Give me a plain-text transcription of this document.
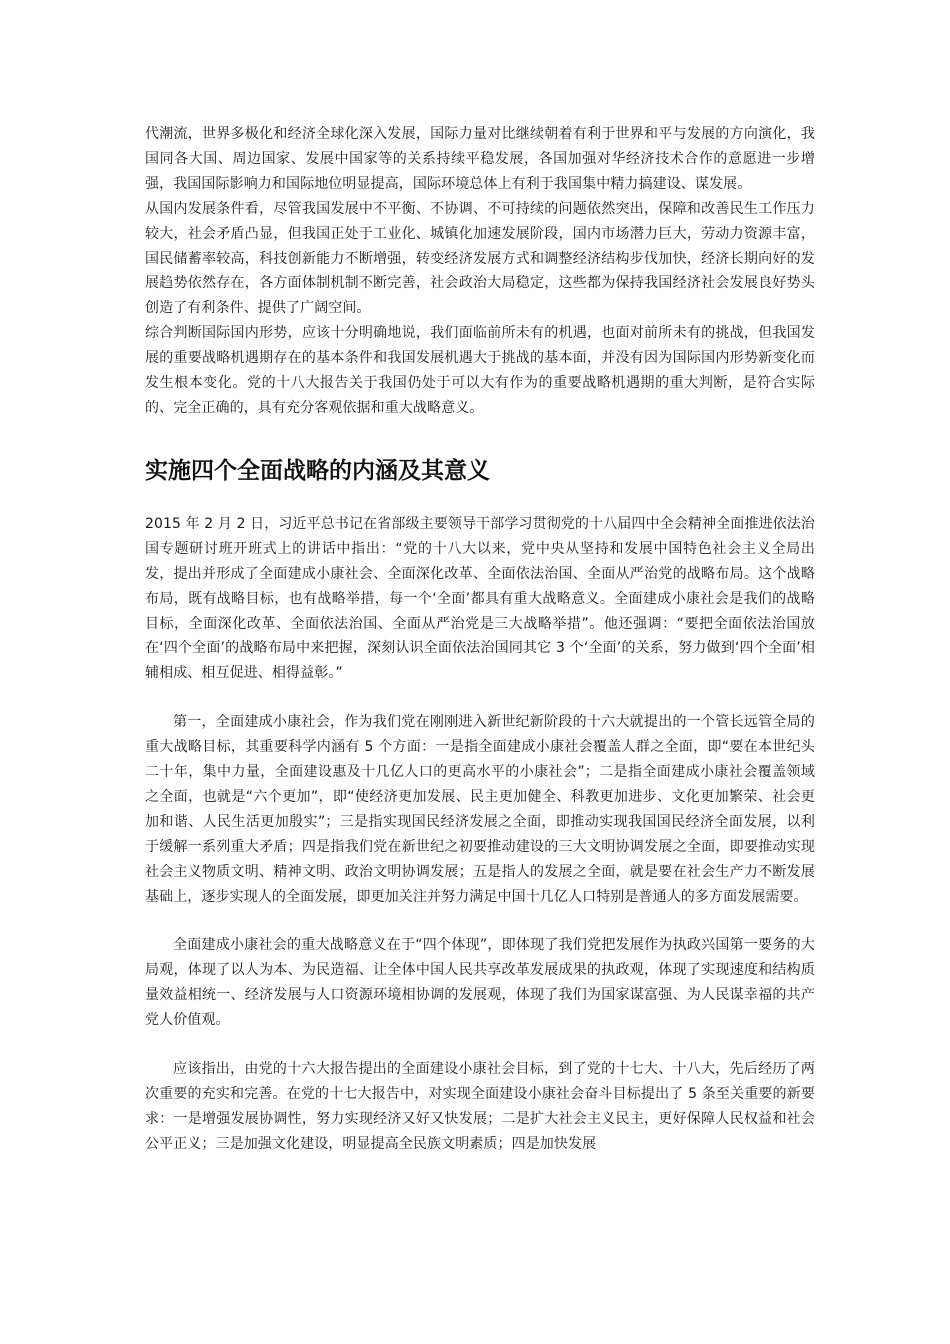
代潮流，世界多极化和经济全球化深入发展，国际力量对比继续朝着有利于世界和平与发展的方向演化，我国同各大国、周边国家、发展中国家等的关系持续平稳发展，各国加强对华经济技术合作的意愿进一步增强，我国国际影响力和国际地位明显提高，国际环境总体上有利于我国集中精力搞建设、谋发展。

从国内发展条件看，尽管我国发展中不平衡、不协调、不可持续的问题依然突出，保障和改善民生工作压力较大，社会矛盾凸显，但我国正处于工业化、城镇化加速发展阶段，国内市场潜力巨大，劳动力资源丰富，国民储蓄率较高，科技创新能力不断增强，转变经济发展方式和调整经济结构步伐加快，经济长期向好的发展趋势依然存在，各方面体制机制不断完善，社会政治大局稳定，这些都为保持我国经济社会发展良好势头创造了有利条件、提供了广阔空间。

综合判断国际国内形势，应该十分明确地说，我们面临前所未有的机遇，也面对前所未有的挑战，但我国发展的重要战略机遇期存在的基本条件和我国发展机遇大于挑战的基本面，并没有因为国际国内形势新变化而发生根本变化。党的十八大报告关于我国仍处于可以大有作为的重要战略机遇期的重大判断，是符合实际的、完全正确的，具有充分客观依据和重大战略意义。

实施四个全面战略的内涵及其意义

2015 年 2 月 2 日，习近平总书记在省部级主要领导干部学习贯彻党的十八届四中全会精神全面推进依法治国专题研讨班开班式上的讲话中指出：“党的十八大以来，党中央从坚持和发展中国特色社会主义全局出发，提出并形成了全面建成小康社会、全面深化改革、全面依法治国、全面从严治党的战略布局。这个战略布局，既有战略目标，也有战略举措，每一个‘全面’都具有重大战略意义。全面建成小康社会是我们的战略目标，全面深化改革、全面依法治国、全面从严治党是三大战略举措”。他还强调：“要把全面依法治国放在‘四个全面’的战略布局中来把握，深刻认识全面依法治国同其它 3 个‘全面’的关系，努力做到‘四个全面’相辅相成、相互促进、相得益彰。”

第一，全面建成小康社会，作为我们党在刚刚进入新世纪新阶段的十六大就提出的一个管长远管全局的重大战略目标，其重要科学内涵有 5 个方面：一是指全面建成小康社会覆盖人群之全面，即“要在本世纪头二十年，集中力量，全面建设惠及十几亿人口的更高水平的小康社会”；二是指全面建成小康社会覆盖领域之全面，也就是“六个更加”，即“使经济更加发展、民主更加健全、科教更加进步、文化更加繁荣、社会更加和谐、人民生活更加殷实”；三是指实现国民经济发展之全面，即推动实现我国国民经济全面发展，以利于缓解一系列重大矛盾；四是指我们党在新世纪之初要推动建设的三大文明协调发展之全面，即要推动实现社会主义物质文明、精神文明、政治文明协调发展；五是指人的发展之全面，就是要在社会生产力不断发展基础上，逐步实现人的全面发展，即更加关注并努力满足中国十几亿人口特别是普通人的多方面发展需要。

全面建成小康社会的重大战略意义在于“四个体现”，即体现了我们党把发展作为执政兴国第一要务的大局观，体现了以人为本、为民造福、让全体中国人民共享改革发展成果的执政观，体现了实现速度和结构质量效益相统一、经济发展与人口资源环境相协调的发展观，体现了我们为国家谋富强、为人民谋幸福的共产党人价值观。

应该指出，由党的十六大报告提出的全面建设小康社会目标，到了党的十七大、十八大，先后经历了两次重要的充实和完善。在党的十七大报告中，对实现全面建设小康社会奋斗目标提出了 5 条至关重要的新要求：一是增强发展协调性，努力实现经济又好又快发展；二是扩大社会主义民主，更好保障人民权益和社会公平正义；三是加强文化建设，明显提高全民族文明素质；四是加快发展
